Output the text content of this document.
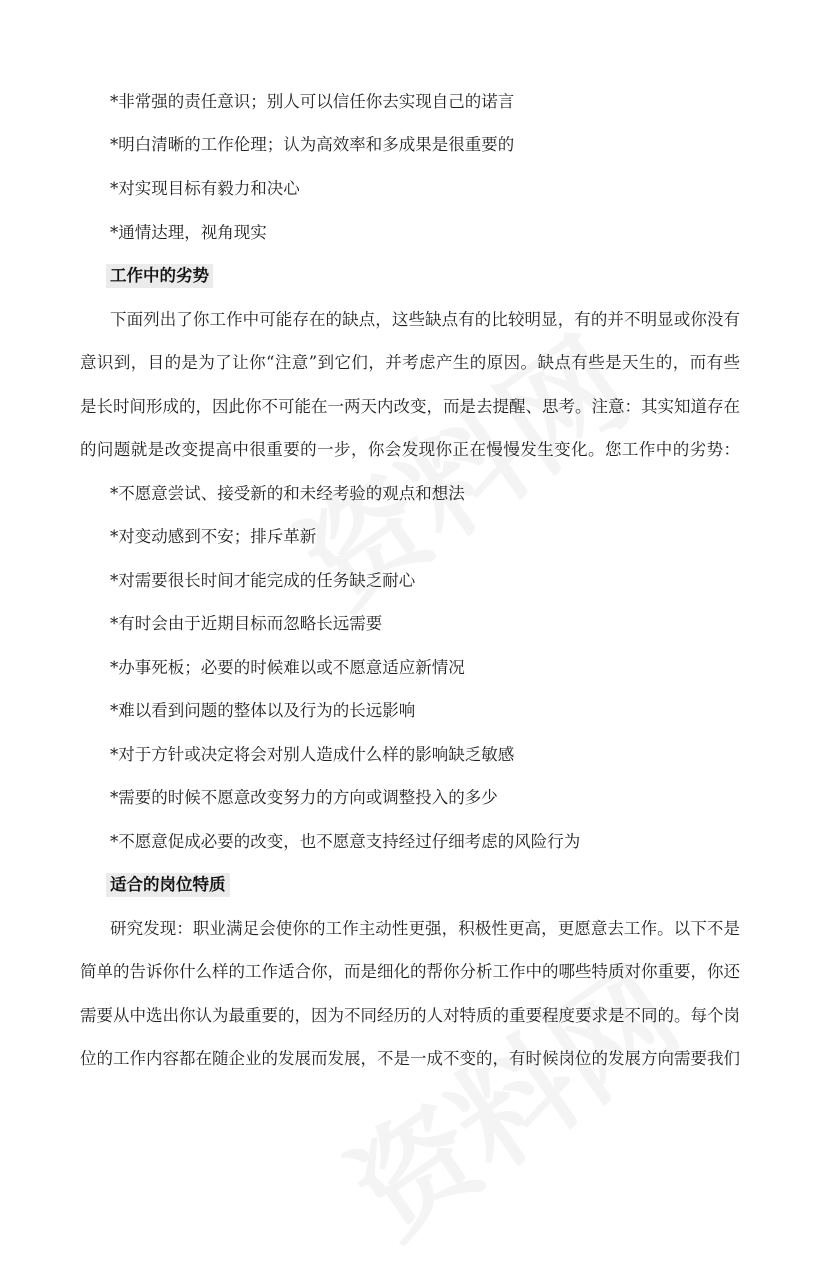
*非常强的责任意识；别人可以信任你去实现自己的诺言
*明白清晰的工作伦理；认为高效率和多成果是很重要的
*对实现目标有毅力和决心
*通情达理，视角现实
工作中的劣势
下面列出了你工作中可能存在的缺点，这些缺点有的比较明显，有的并不明显或你没有
意识到，目的是为了让你“注意”到它们，并考虑产生的原因。缺点有些是天生的，而有些
是长时间形成的，因此你不可能在一两天内改变，而是去提醒、思考。注意：其实知道存在
的问题就是改变提高中很重要的一步，你会发现你正在慢慢发生变化。您工作中的劣势：
*不愿意尝试、接受新的和未经考验的观点和想法
*对变动感到不安；排斥革新
*对需要很长时间才能完成的任务缺乏耐心
*有时会由于近期目标而忽略长远需要
*办事死板；必要的时候难以或不愿意适应新情况
*难以看到问题的整体以及行为的长远影响
*对于方针或决定将会对别人造成什么样的影响缺乏敏感
*需要的时候不愿意改变努力的方向或调整投入的多少
*不愿意促成必要的改变，也不愿意支持经过仔细考虑的风险行为
适合的岗位特质
研究发现：职业满足会使你的工作主动性更强，积极性更高，更愿意去工作。以下不是
简单的告诉你什么样的工作适合你，而是细化的帮你分析工作中的哪些特质对你重要，你还
需要从中选出你认为最重要的，因为不同经历的人对特质的重要程度要求是不同的。每个岗
位的工作内容都在随企业的发展而发展，不是一成不变的，有时候岗位的发展方向需要我们
